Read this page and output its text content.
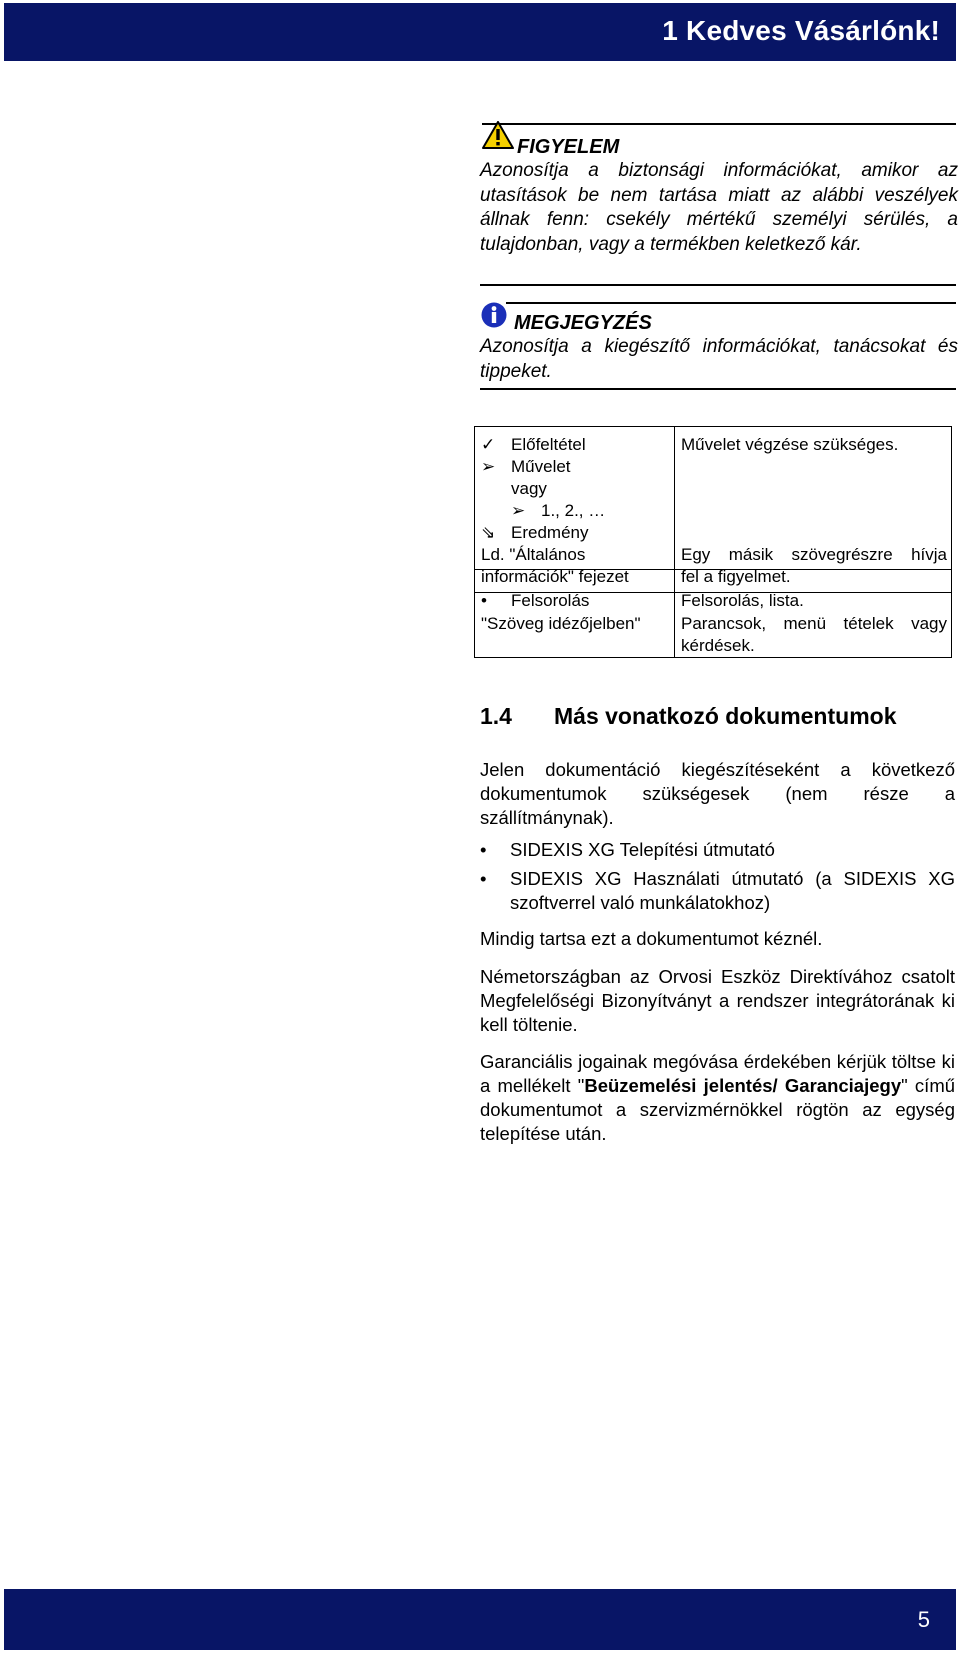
1 Kedves Vásárlónk!
FIGYELEM
Azonosítja a biztonsági információkat, amikor az utasítások be nem tartása miatt az alábbi veszélyek állnak fenn: csekély mértékű személyi sérülés, a tulajdonban, vagy a termékben keletkező kár.
MEGJEGYZÉS
Azonosítja a kiegészítő információkat, tanácsokat és tippeket.
✓ Előfeltétel
➢ Művelet
vagy
➢ 1., 2., …
⇘ Eredmény
Ld. "Általános
információk" fejezet
• Felsorolás
"Szöveg idézőjelben"
Művelet végzése szükséges.
Egy másik szövegrészre hívja
fel a figyelmet.
Felsorolás, lista.
Parancsok, menü tételek vagy
kérdések.
1.4 Más vonatkozó dokumentumok
Jelen dokumentáció kiegészítéseként a következő dokumentumok szükségesek (nem része a szállítmánynak).
•	SIDEXIS XG Telepítési útmutató
•	SIDEXIS XG Használati útmutató (a SIDEXIS XG szoftverrel való munkálatokhoz)
Mindig tartsa ezt a dokumentumot kéznél.
Németországban az Orvosi Eszköz Direktívához csatolt Megfelelőségi Bizonyítványt a rendszer integrátorának ki kell töltenie.
Garanciális jogainak megóvása érdekében kérjük töltse ki a mellékelt "Beüzemelési jelentés/ Garanciajegy" című dokumentumot a szervizmérnökkel rögtön az egység telepítése után.
5
